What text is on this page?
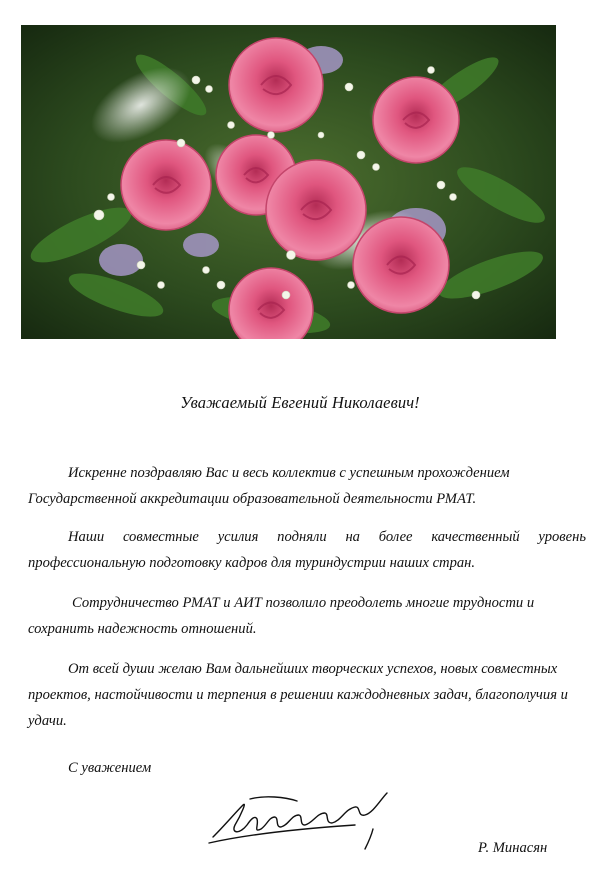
Уважаемый Евгений Николаевич!

Искренне поздравляю Вас и весь коллектив с успешным прохождением Государственной аккредитации образовательной деятельности РМАТ.

Наши совместные усилия подняли на более качественный уровень профессиональную подготовку кадров для туриндустрии наших стран.

Сотрудничество РМАТ и АИТ позволило преодолеть многие трудности и сохранить надежность отношений.

От всей души желаю Вам дальнейших творческих успехов, новых совместных проектов, настойчивости и терпения в решении каждодневных задач, благополучия и удачи.

С уважением
Р. Минасян
